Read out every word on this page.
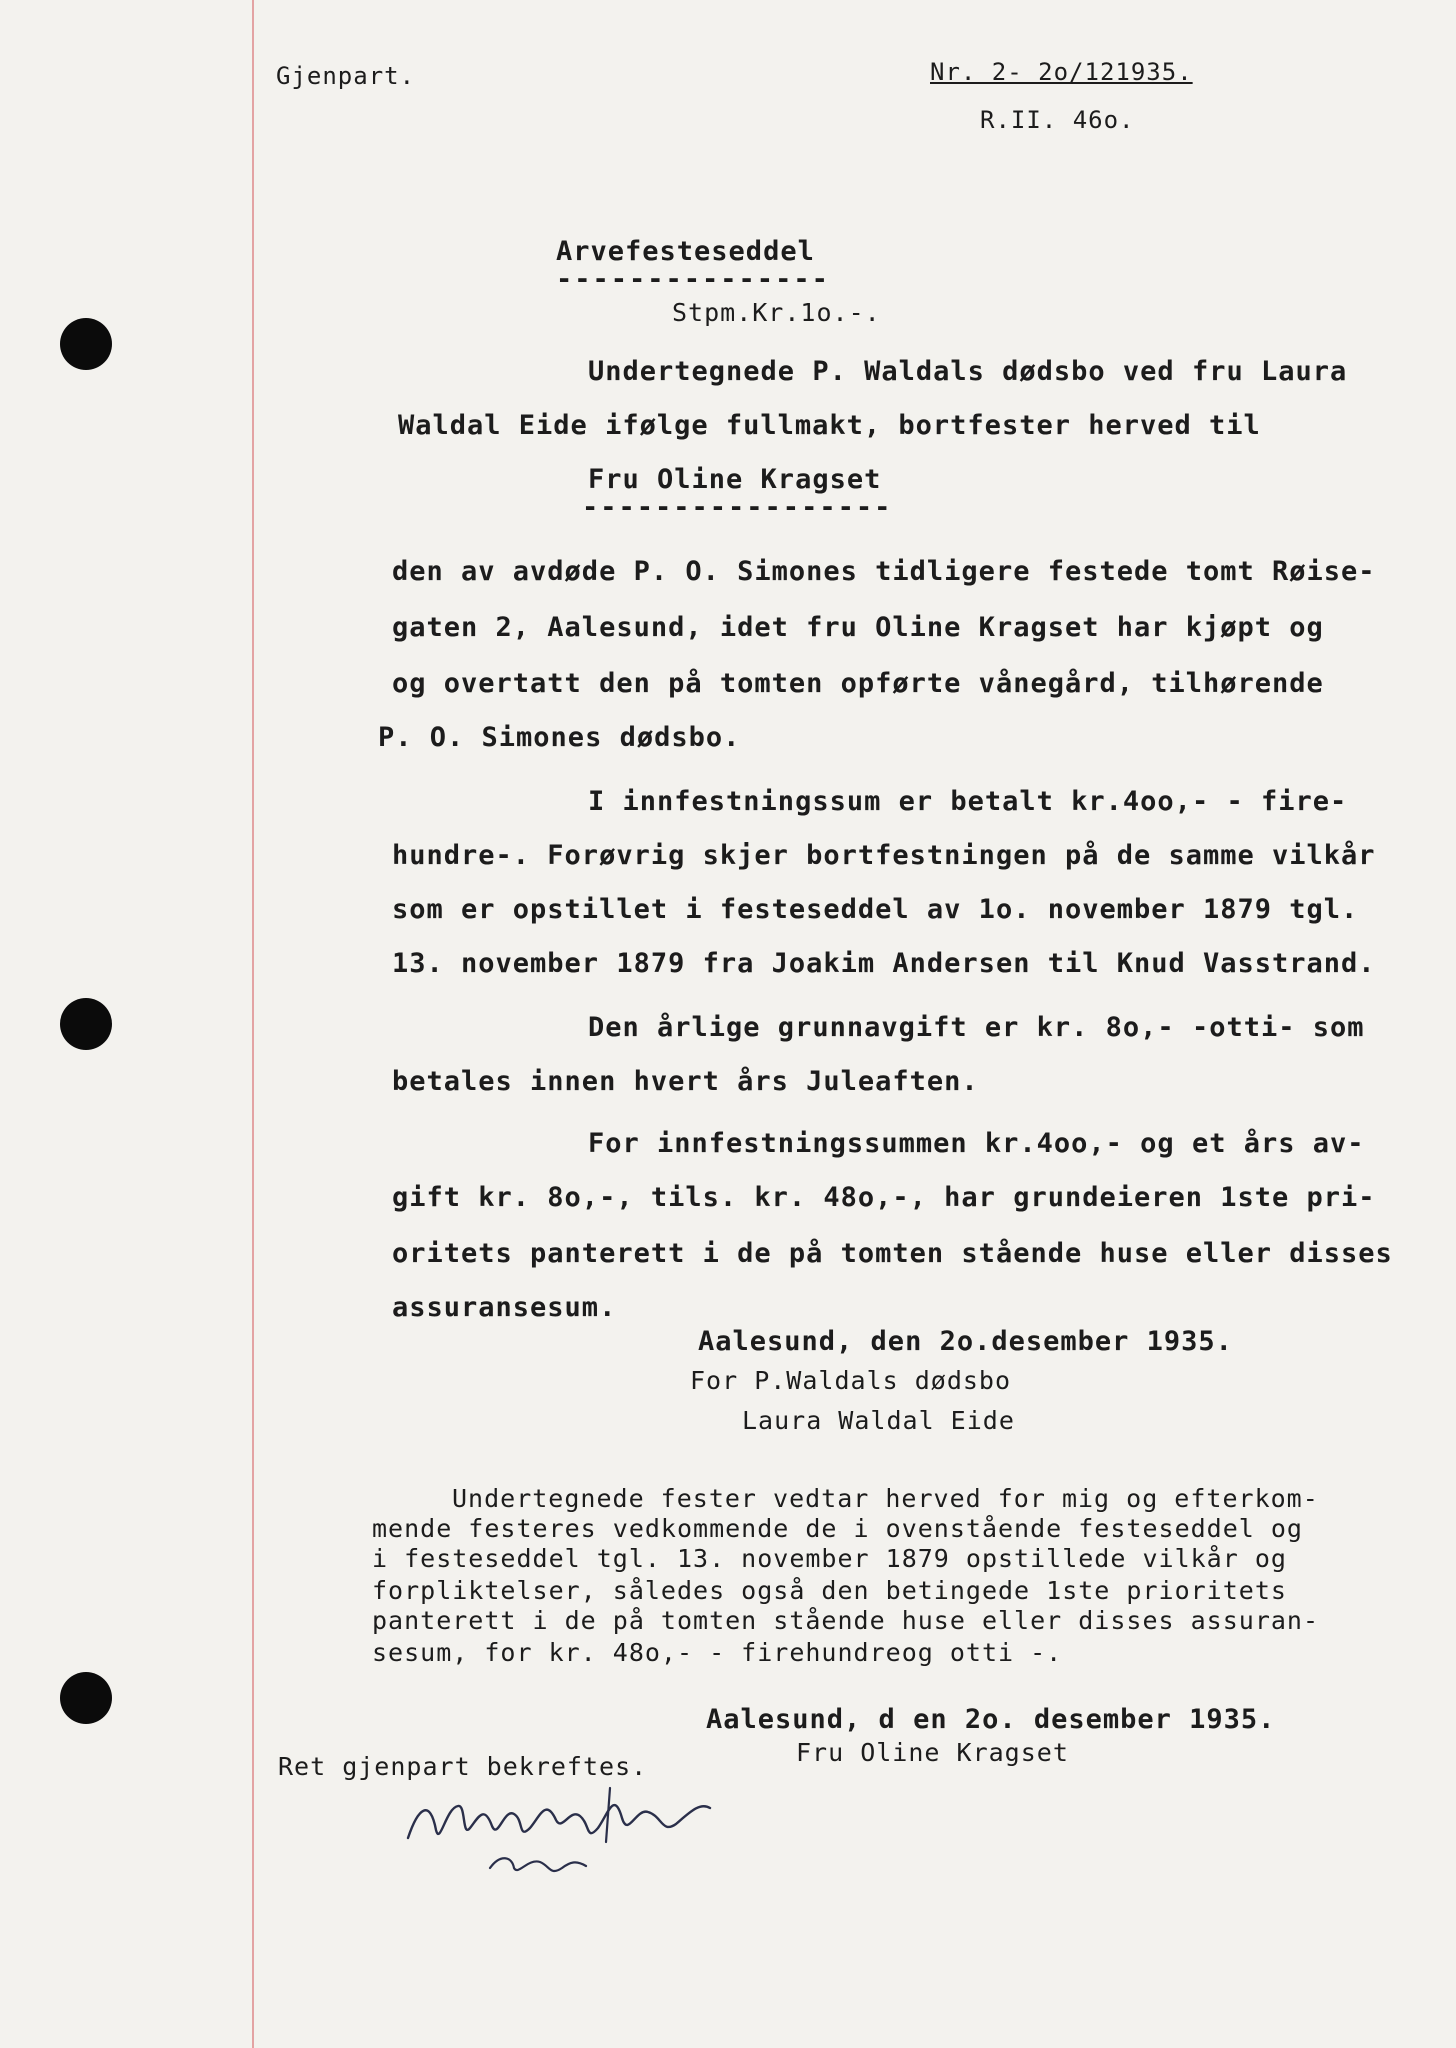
Gjenpart.	Nr. 2- 2o/121935.
R.II. 46o.
Arvefesteseddel
---------------
Stpm.Kr.1o.-.
Undertegnede P. Waldals dødsbo ved fru Laura
Waldal Eide ifølge fullmakt, bortfester herved til
Fru Oline Kragset
-----------------
den av avdøde P. O. Simones tidligere festede tomt Røise-
gaten 2, Aalesund, idet fru Oline Kragset har kjøpt og
og overtatt den på tomten opførte vånegård, tilhørende
P. O. Simones dødsbo.
I innfestningssum er betalt kr.4oo,- - fire-
hundre-. Forøvrig skjer bortfestningen på de samme vilkår
som er opstillet i festeseddel av 1o. november 1879 tgl.
13. november 1879 fra Joakim Andersen til Knud Vasstrand.
Den årlige grunnavgift er kr. 8o,- -otti- som
betales innen hvert års Juleaften.
For innfestningssummen kr.4oo,- og et års av-
gift kr. 8o,-, tils. kr. 48o,-, har grundeieren 1ste pri-
oritets panterett i de på tomten stående huse eller disses
assuransesum.
Aalesund, den 2o.desember 1935.
For P.Waldals dødsbo
Laura Waldal Eide
Undertegnede fester vedtar herved for mig og efterkom-
mende festeres vedkommende de i ovenstående festeseddel og
i festeseddel tgl. 13. november 1879 opstillede vilkår og
forpliktelser, således også den betingede 1ste prioritets
panterett i de på tomten stående huse eller disses assuran-
sesum, for kr. 48o,- - firehundreog otti -.
Aalesund, d en 2o. desember 1935.
Fru Oline Kragset
Ret gjenpart bekreftes.
